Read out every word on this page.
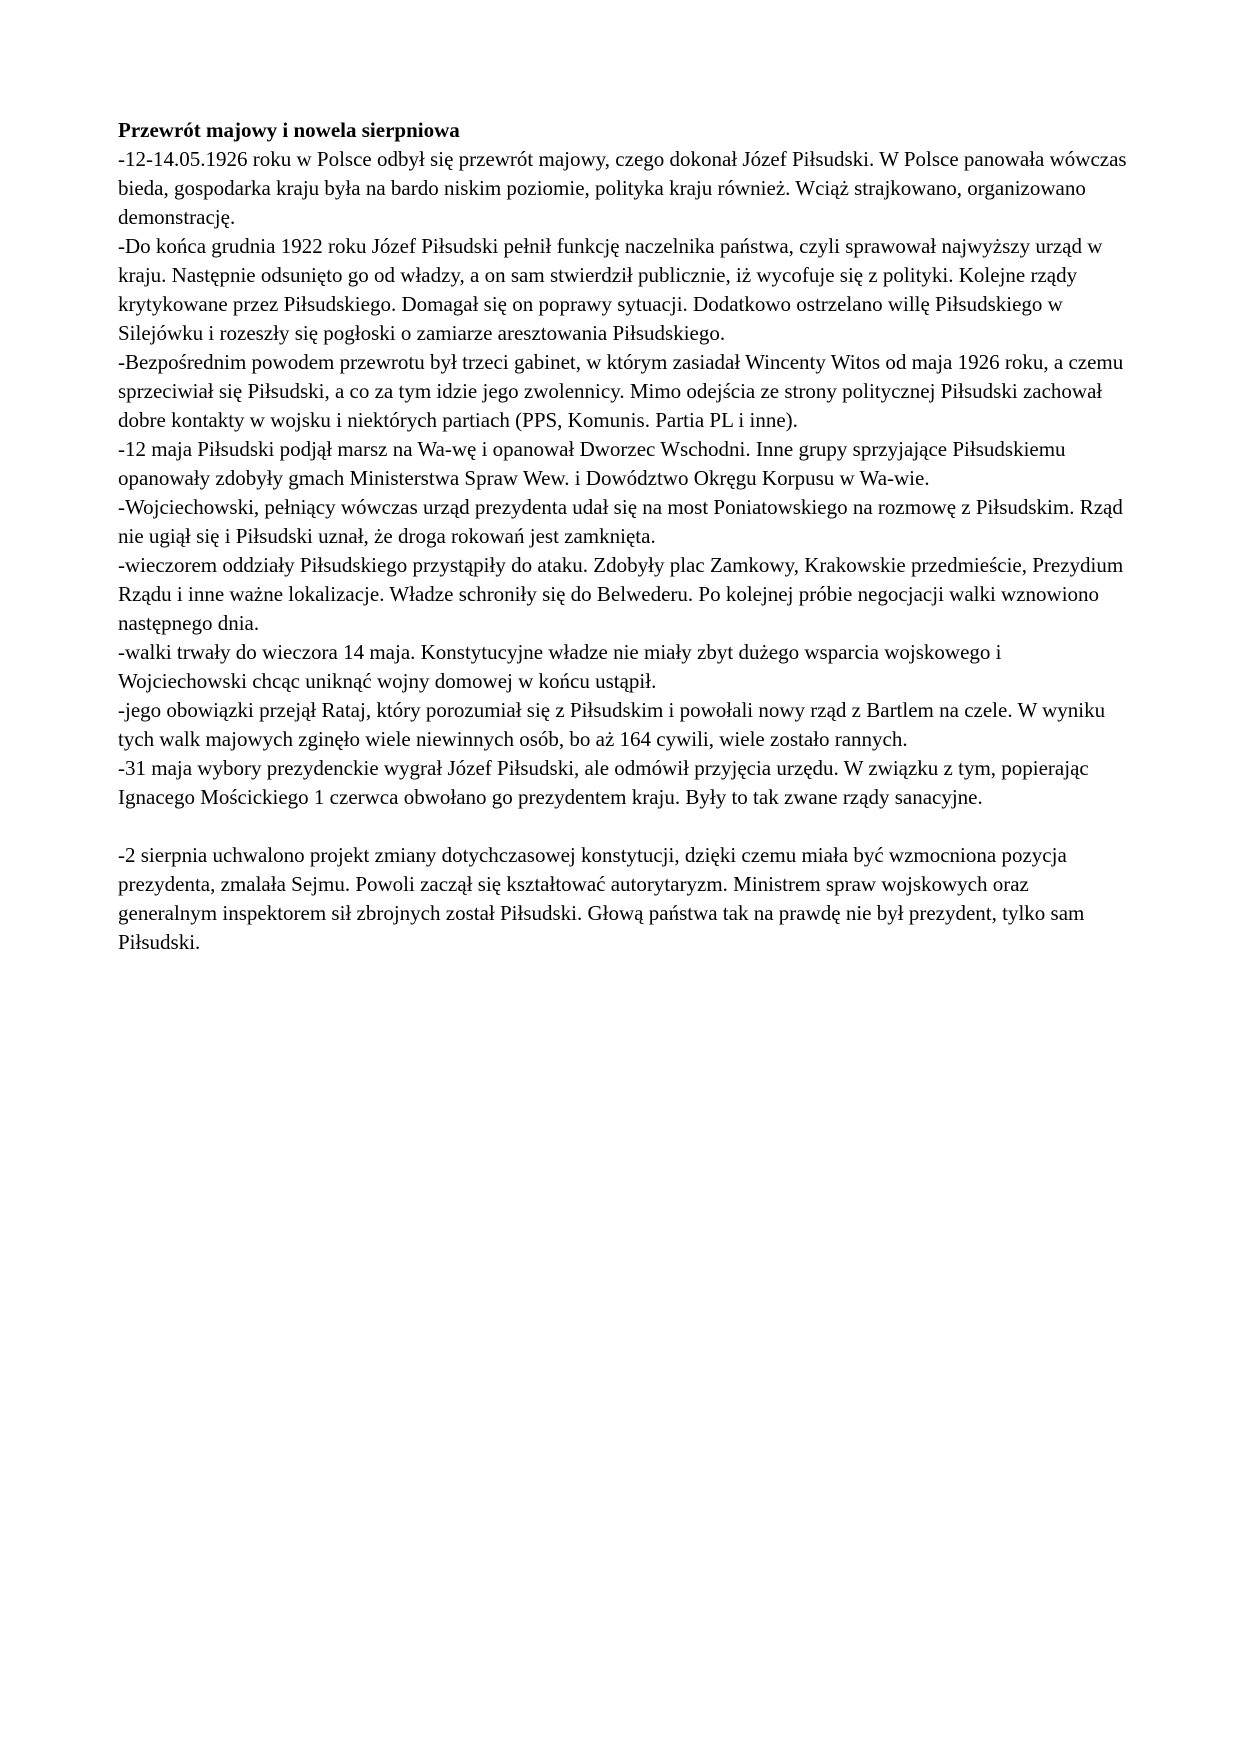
Przewrót majowy i nowela sierpniowa

-12-14.05.1926 roku w Polsce odbył się przewrót majowy, czego dokonał Józef Piłsudski. W Polsce panowała wówczas bieda, gospodarka kraju była na bardo niskim poziomie, polityka kraju również. Wciąż strajkowano, organizowano demonstrację.

-Do końca grudnia 1922 roku Józef Piłsudski pełnił funkcję naczelnika państwa, czyli sprawował najwyższy urząd w kraju. Następnie odsunięto go od władzy, a on sam stwierdził publicznie, iż wycofuje się z polityki. Kolejne rządy krytykowane przez Piłsudskiego. Domagał się on poprawy sytuacji. Dodatkowo ostrzelano willę Piłsudskiego w Silejówku i rozeszły się pogłoski o zamiarze aresztowania Piłsudskiego.

-Bezpośrednim powodem przewrotu był trzeci gabinet, w którym zasiadał Wincenty Witos od maja 1926 roku, a czemu sprzeciwiał się Piłsudski, a co za tym idzie jego zwolennicy. Mimo odejścia ze strony politycznej Piłsudski zachował dobre kontakty w wojsku i niektórych partiach (PPS, Komunis. Partia PL i inne).

-12 maja Piłsudski podjął marsz na Wa-wę i opanował Dworzec Wschodni. Inne grupy sprzyjające Piłsudskiemu opanowały zdobyły gmach Ministerstwa Spraw Wew. i Dowództwo Okręgu Korpusu w Wa-wie.

-Wojciechowski, pełniący wówczas urząd prezydenta udał się na most Poniatowskiego na rozmowę z Piłsudskim. Rząd nie ugiął się i Piłsudski uznał, że droga rokowań jest zamknięta.

-wieczorem oddziały Piłsudskiego przystąpiły do ataku. Zdobyły plac Zamkowy, Krakowskie przedmieście, Prezydium Rządu i inne ważne lokalizacje. Władze schroniły się do Belwederu. Po kolejnej próbie negocjacji walki wznowiono następnego dnia.

-walki trwały do wieczora 14 maja. Konstytucyjne władze nie miały zbyt dużego wsparcia wojskowego i Wojciechowski chcąc uniknąć wojny domowej w końcu ustąpił.

-jego obowiązki przejął Rataj, który porozumiał się z Piłsudskim i powołali nowy rząd z Bartlem na czele. W wyniku tych walk majowych zginęło wiele niewinnych osób, bo aż 164 cywili, wiele zostało rannych.

-31 maja wybory prezydenckie wygrał Józef Piłsudski, ale odmówił przyjęcia urzędu. W związku z tym, popierając Ignacego Mościckiego 1 czerwca obwołano go prezydentem kraju. Były to tak zwane rządy sanacyjne.

-2 sierpnia uchwalono projekt zmiany dotychczasowej konstytucji, dzięki czemu miała być wzmocniona pozycja prezydenta, zmalała Sejmu. Powoli zaczął się kształtować autorytaryzm. Ministrem spraw wojskowych oraz generalnym inspektorem sił zbrojnych został Piłsudski. Głową państwa tak na prawdę nie był prezydent, tylko sam Piłsudski.
